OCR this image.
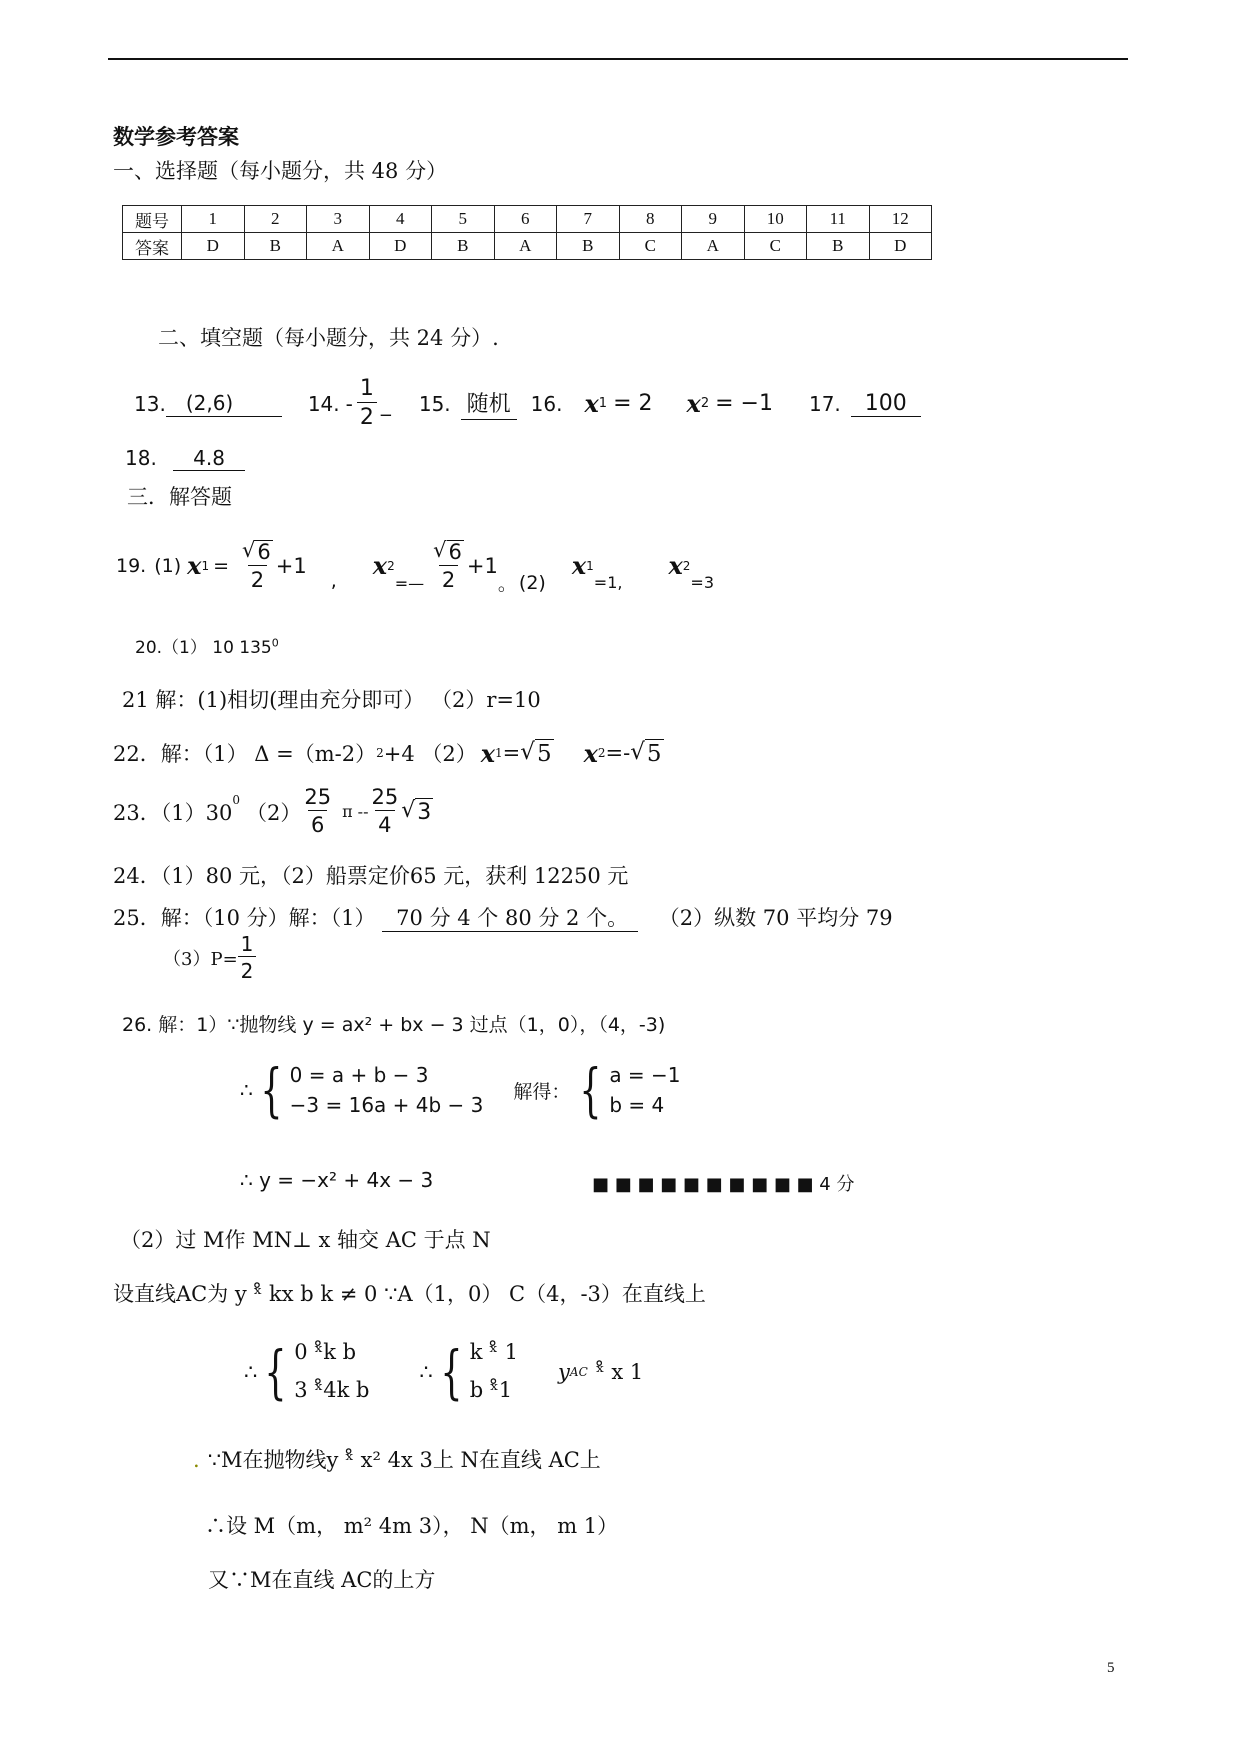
数学参考答案
一、选择题（每小题分，共 48 分）
题号	1	2	3	4	5	6	7	8	9	10	11	12
答案	D	B	A	D	B	A	B	C	A	C	B	D
二、填空题（每小题分，共 24 分）.
13.	(2,6)	14. - $\frac{1}{2}$ _ 15. 随机	16. x 1 = 2 x 2 = −1 17.	100
18. 4.8
三．解答题
19. (1) x $1 = \frac{√ 6}{2} +1$
,
x 2
=— $\frac{√ 6}{2} +1$
。 (2)
x 1
=1,
x 2
=3
20.（1） 10 $135^0$
21 解：(1)相切(理由充分即可） （2）r=10
22．解：（1） Δ =（m-2） 2 +4 （2） x 1 = √ 5 x 2 =- √ 5
23．（1）30
$^0$
$(2) \frac{25}{6}$ π -- $\frac{25}{4}$ √ 3
24．（1）80 元，（2）船票定价65 元，获利 12250 元
25．解：（10 分）解：（1） 70 分 4 个 80 分 2 个。 （2）纵数 70 平均分 79
$(3)P= \frac{1}{2}$
26. 解：1）∵抛物线 y = ax² + bx − 3 过点（1，0），（4，-3)
∴ { 0 = a + b − 3
−3 = 16a + 4b − 3
解得： { a = −1
b = 4
∴ y = −x² + 4x − 3	■ ■ ■ ■ ■ ■ ■ ■ ■ ■ 4 分
（2）过 M作 MN⊥ x 轴交 AC 于点 N
设直线AC为 y ˣ̊ kx b k ≠ 0 ∵A（1，0） C（4，-3）在直线上
∴ { 0 ˣ̊k b
3 ˣ̊4k b
∴ { k ˣ̊ 1
b ˣ̊1
y AC ˣ̊ x 1
. ∵M在抛物线y ˣ̊ x² 4x 3上 N在直线 AC上
∴设 M（m， m² 4m 3）， N（m， m 1）
又∵M在直线 AC的上方
5
